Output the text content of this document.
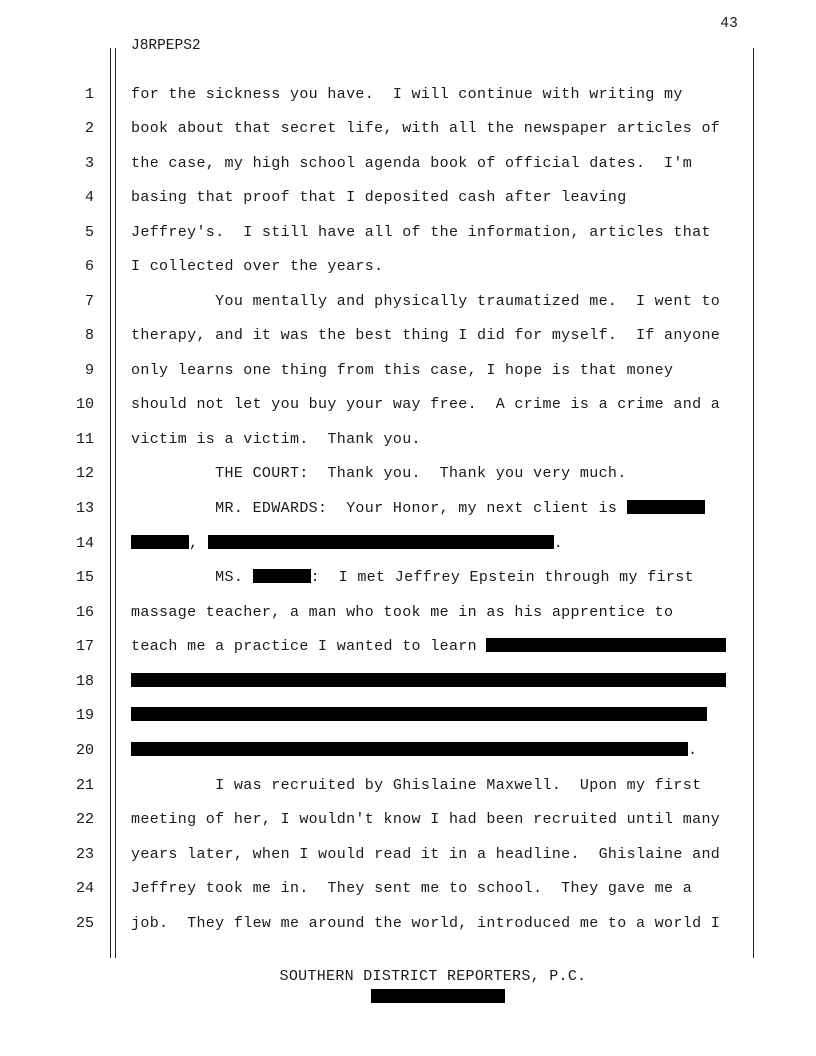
43
J8RPEPS2
1
2
3
4
5
6
7
8
9
10
11
12
13
14
15
16
17
18
19
20
21
22
23
24
25
for the sickness you have.  I will continue with writing my
book about that secret life, with all the newspaper articles of
the case, my high school agenda book of official dates.  I'm
basing that proof that I deposited cash after leaving
Jeffrey's.  I still have all of the information, articles that
I collected over the years.
You mentally and physically traumatized me.  I went to
therapy, and it was the best thing I did for myself.  If anyone
only learns one thing from this case, I hope is that money
should not let you buy your way free.  A crime is a crime and a
victim is a victim.  Thank you.
THE COURT:  Thank you.  Thank you very much.
MR. EDWARDS:  Your Honor, my next client is
,	.
MS.	:  I met Jeffrey Epstein through my first
massage teacher, a man who took me in as his apprentice to
teach me a practice I wanted to learn
.
I was recruited by Ghislaine Maxwell.  Upon my first
meeting of her, I wouldn't know I had been recruited until many
years later, when I would read it in a headline.  Ghislaine and
Jeffrey took me in.  They sent me to school.  They gave me a
job.  They flew me around the world, introduced me to a world I
SOUTHERN DISTRICT REPORTERS, P.C.
